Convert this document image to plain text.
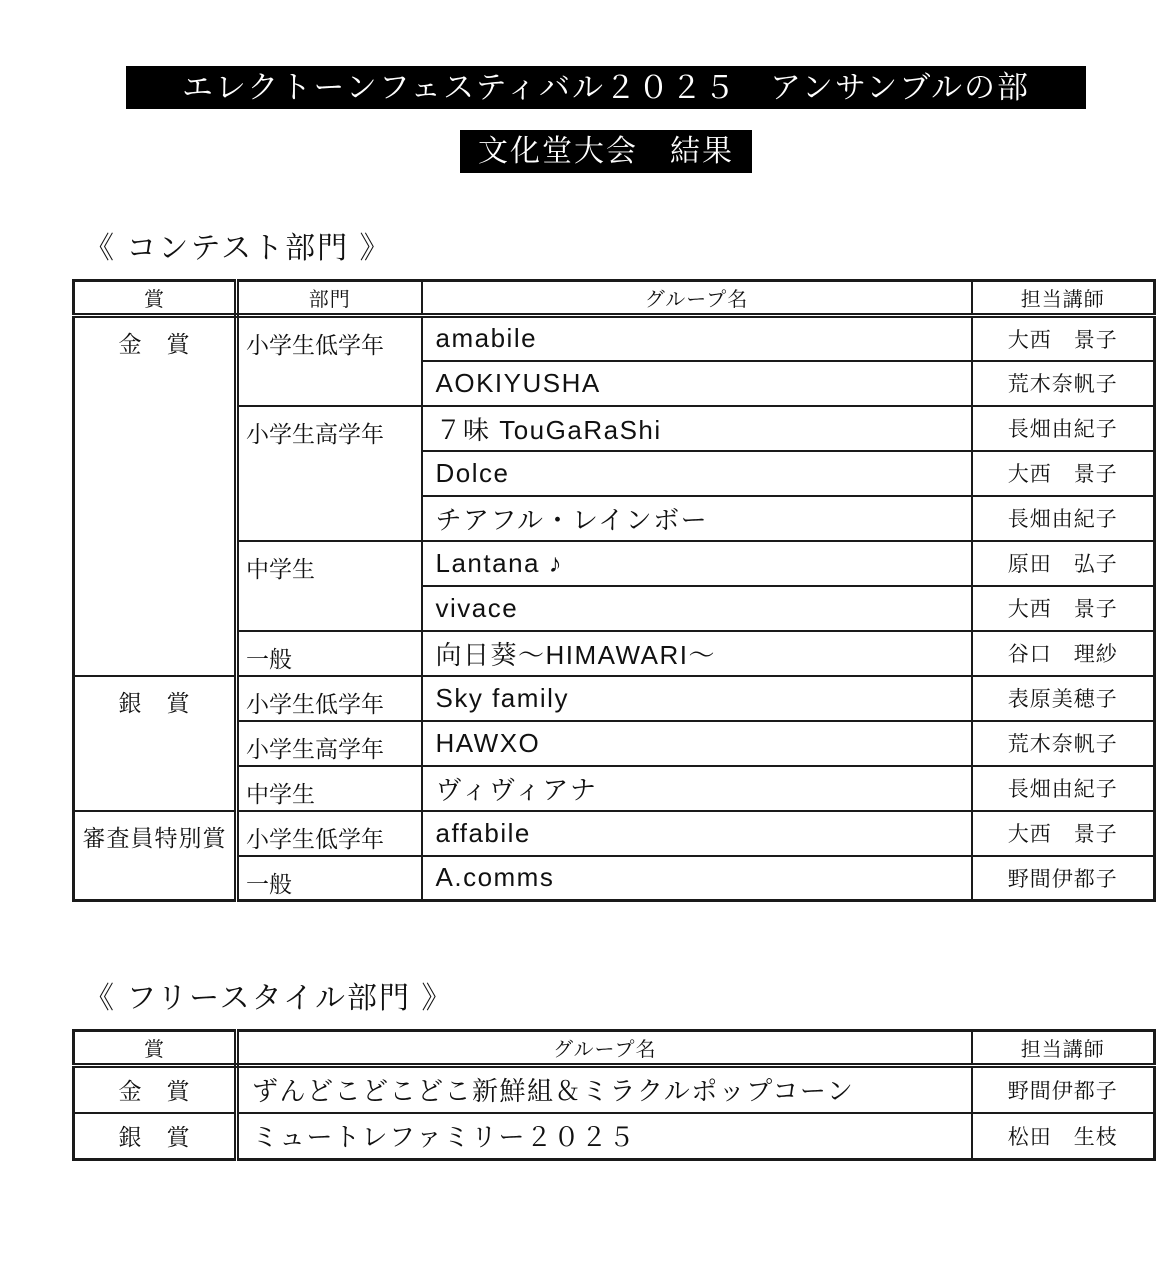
エレクトーンフェスティバル２０２５　アンサンブルの部
文化堂大会　結果
《 コンテスト部門 》
賞	部門	グループ名	担当講師
金　賞	小学生低学年	amabile	大西　景子
		AOKIYUSHA	荒木奈帆子
	小学生高学年	７味 TouGaRaShi	長畑由紀子
		Dolce	大西　景子
		チアフル・レインボー	長畑由紀子
	中学生	Lantana ♪	原田　弘子
		vivace	大西　景子
	一般	向日葵～HIMAWARI～	谷口　理紗
銀　賞	小学生低学年	Sky family	表原美穂子
	小学生高学年	HAWXO	荒木奈帆子
	中学生	ヴィヴィアナ	長畑由紀子
審査員特別賞	小学生低学年	affabile	大西　景子
	一般	A.comms	野間伊都子
《 フリースタイル部門 》
賞	グループ名	担当講師
金　賞	ずんどこどこどこ新鮮組＆ミラクルポップコーン	野間伊都子
銀　賞	ミュートレファミリー２０２５	松田　生枝
